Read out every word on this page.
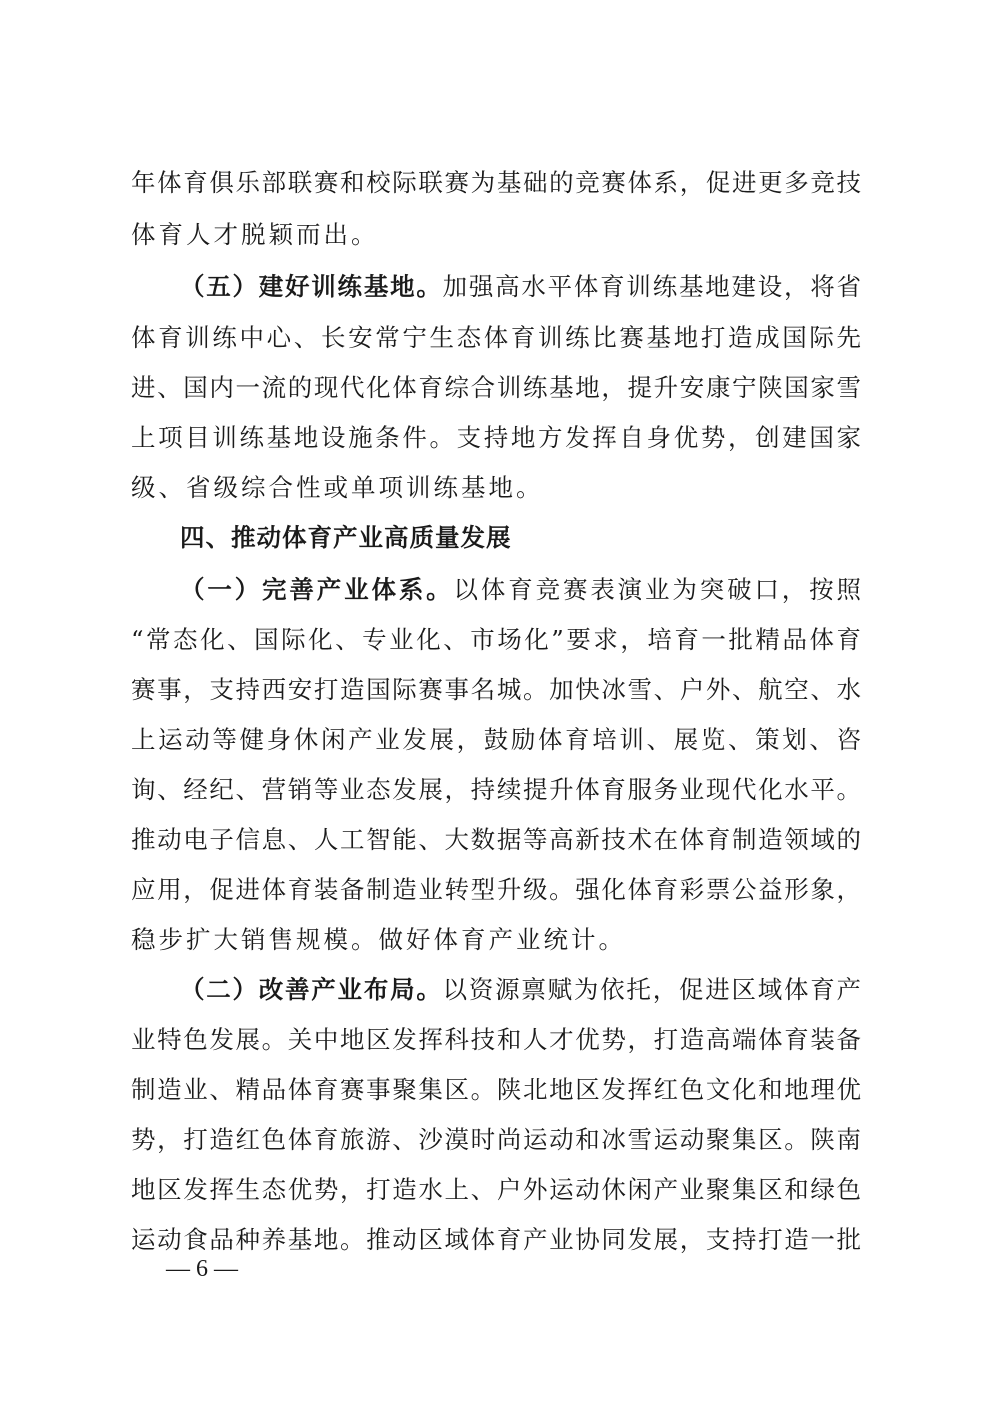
年体育俱乐部联赛和校际联赛为基础的竞赛体系，促进更多竞技
体育人才脱颖而出。
（五）建好训练基地。加强高水平体育训练基地建设，将省
体育训练中心、长安常宁生态体育训练比赛基地打造成国际先
进、国内一流的现代化体育综合训练基地，提升安康宁陕国家雪
上项目训练基地设施条件。支持地方发挥自身优势，创建国家
级、省级综合性或单项训练基地。
四、推动体育产业高质量发展
（一）完善产业体系。以体育竞赛表演业为突破口，按照
“常态化、国际化、专业化、市场化”要求，培育一批精品体育
赛事，支持西安打造国际赛事名城。加快冰雪、户外、航空、水
上运动等健身休闲产业发展，鼓励体育培训、展览、策划、咨
询、经纪、营销等业态发展，持续提升体育服务业现代化水平。
推动电子信息、人工智能、大数据等高新技术在体育制造领域的
应用，促进体育装备制造业转型升级。强化体育彩票公益形象，
稳步扩大销售规模。做好体育产业统计。
（二）改善产业布局。以资源禀赋为依托，促进区域体育产
业特色发展。关中地区发挥科技和人才优势，打造高端体育装备
制造业、精品体育赛事聚集区。陕北地区发挥红色文化和地理优
势，打造红色体育旅游、沙漠时尚运动和冰雪运动聚集区。陕南
地区发挥生态优势，打造水上、户外运动休闲产业聚集区和绿色
运动食品种养基地。推动区域体育产业协同发展，支持打造一批
— 6 —
